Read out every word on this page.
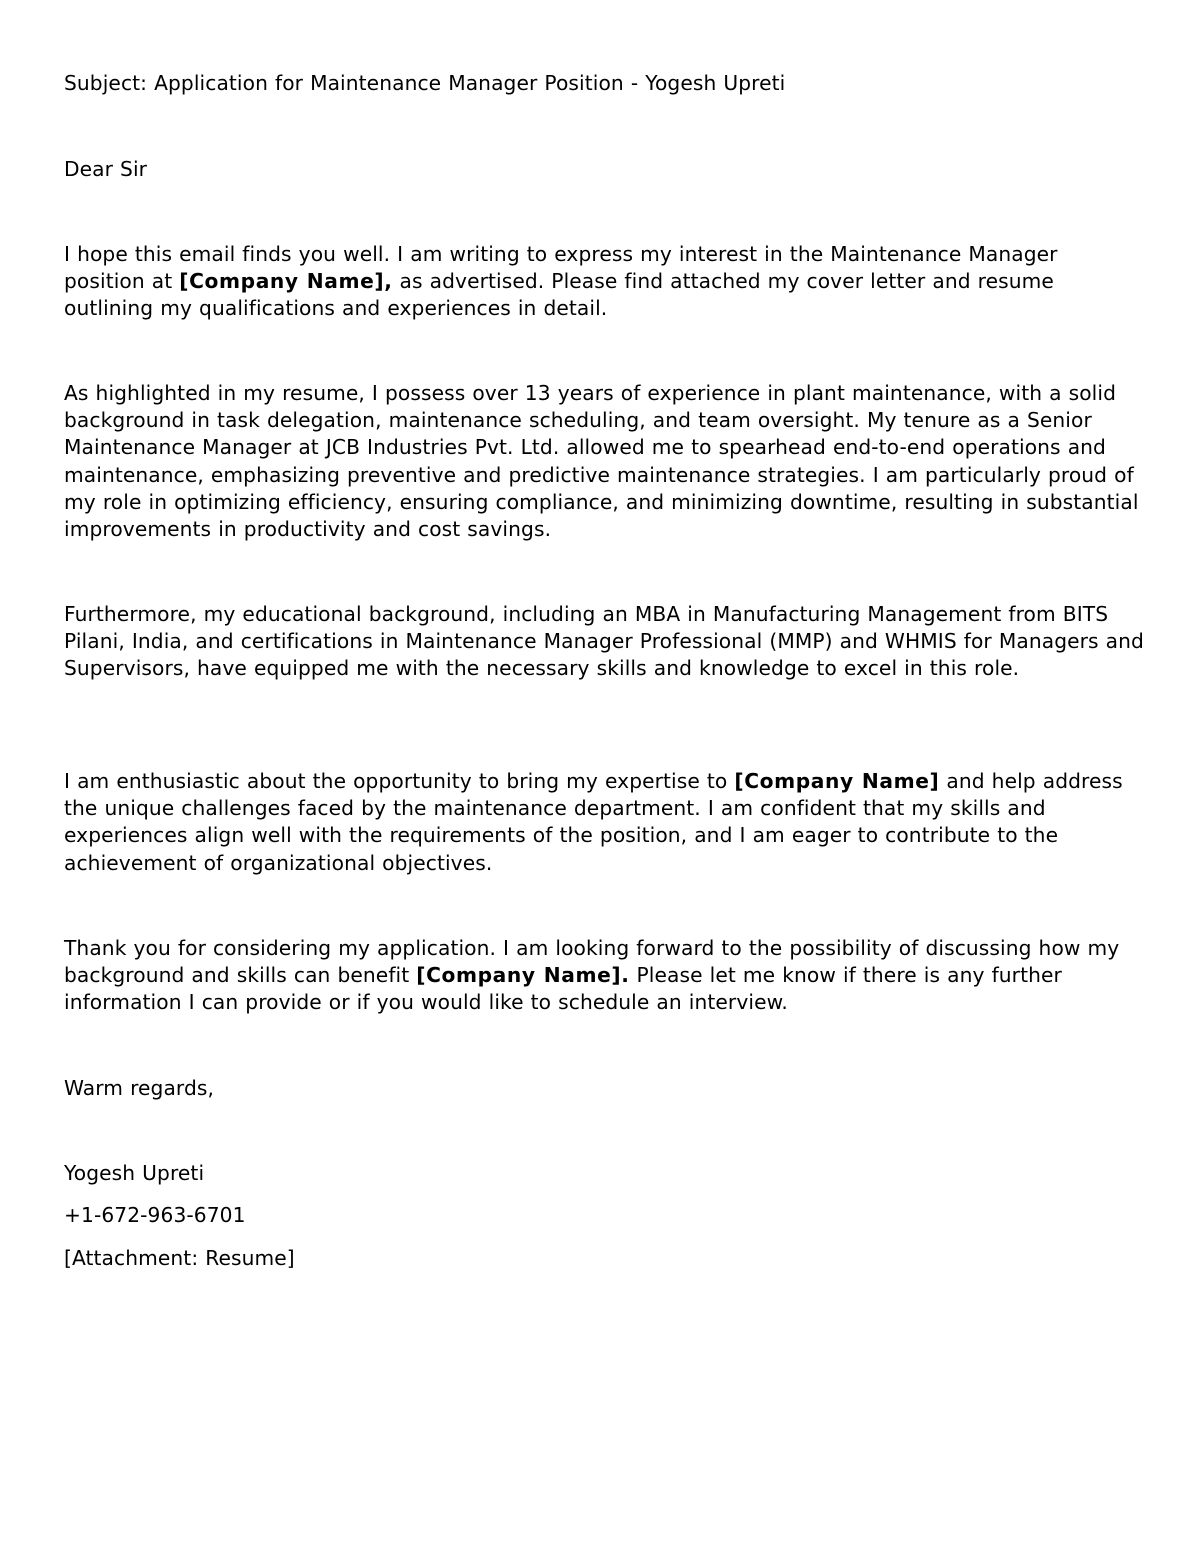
Subject: Application for Maintenance Manager Position - Yogesh Upreti
Dear Sir
I hope this email finds you well. I am writing to express my interest in the Maintenance Manager position at [Company Name], as advertised. Please find attached my cover letter and resume outlining my qualifications and experiences in detail.
As highlighted in my resume, I possess over 13 years of experience in plant maintenance, with a solid background in task delegation, maintenance scheduling, and team oversight. My tenure as a Senior Maintenance Manager at JCB Industries Pvt. Ltd. allowed me to spearhead end-to-end operations and maintenance, emphasizing preventive and predictive maintenance strategies. I am particularly proud of my role in optimizing efficiency, ensuring compliance, and minimizing downtime, resulting in substantial improvements in productivity and cost savings.
Furthermore, my educational background, including an MBA in Manufacturing Management from BITS Pilani, India, and certifications in Maintenance Manager Professional (MMP) and WHMIS for Managers and Supervisors, have equipped me with the necessary skills and knowledge to excel in this role.
I am enthusiastic about the opportunity to bring my expertise to [Company Name] and help address the unique challenges faced by the maintenance department. I am confident that my skills and experiences align well with the requirements of the position, and I am eager to contribute to the achievement of organizational objectives.
Thank you for considering my application. I am looking forward to the possibility of discussing how my background and skills can benefit [Company Name]. Please let me know if there is any further information I can provide or if you would like to schedule an interview.
Warm regards,
Yogesh Upreti
+1-672-963-6701
[Attachment: Resume]
